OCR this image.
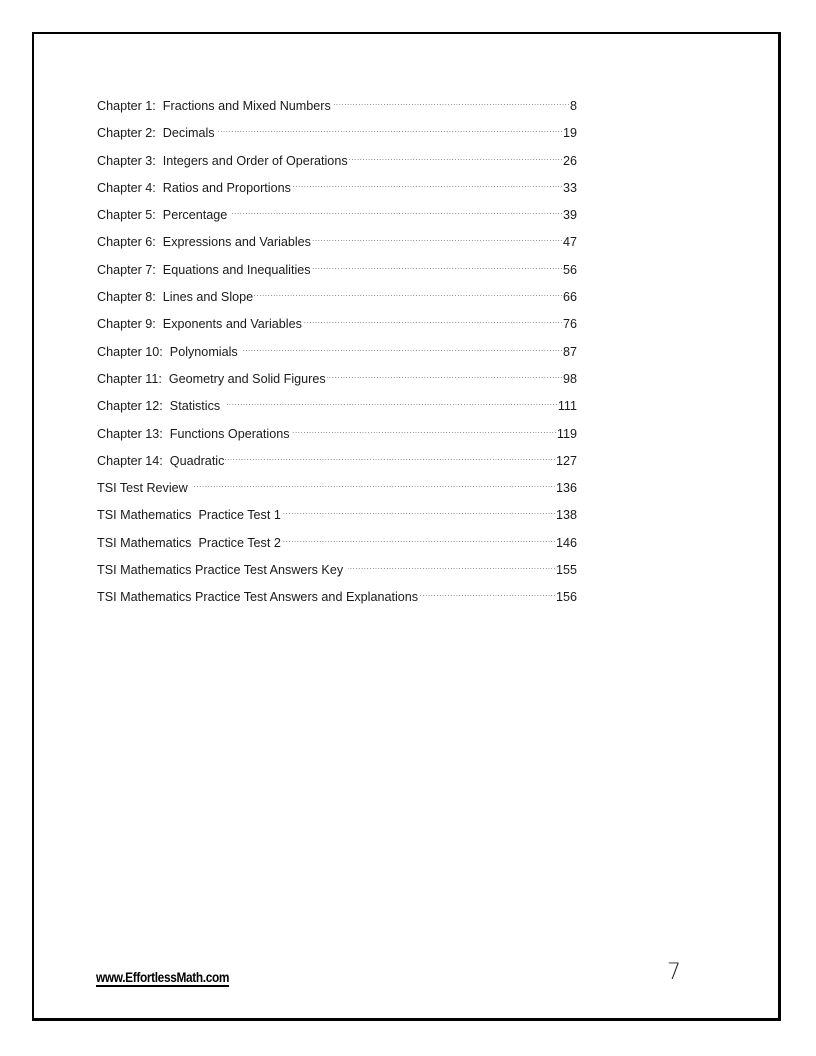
Chapter 1:  Fractions and Mixed Numbers . . .	8
Chapter 2:  Decimals . . .	19
Chapter 3:  Integers and Order of Operations . . .	26
Chapter 4:  Ratios and Proportions . . .	33
Chapter 5:  Percentage . . .	39
Chapter 6:  Expressions and Variables . . .	47
Chapter 7:  Equations and Inequalities . . .	56
Chapter 8:  Lines and Slope . . .	66
Chapter 9:  Exponents and Variables . . .	76
Chapter 10:  Polynomials . . .	87
Chapter 11:  Geometry and Solid Figures . . .	98
Chapter 12:  Statistics . . .	111
Chapter 13:  Functions Operations . . .	119
Chapter 14:  Quadratic . . .	127
TSI Test Review . . .	136
TSI Mathematics  Practice Test 1 . . .	138
TSI Mathematics  Practice Test 2 . . .	146
TSI Mathematics Practice Test Answers Key . . .	155
TSI Mathematics Practice Test Answers and Explanations . . .	156
www.EffortlessMath.com	7
